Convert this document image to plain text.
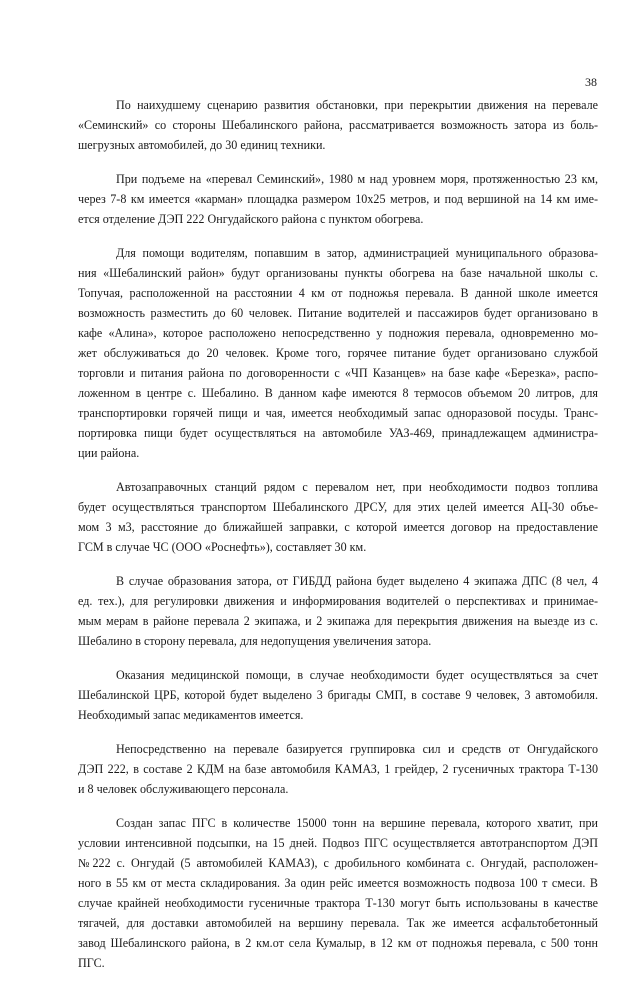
38
По наихудшему сценарию развития обстановки, при перекрытии движения на перевале
«Семинский» со стороны Шебалинского района, рассматривается возможность затора из боль-
шегрузных автомобилей, до 30 единиц техники.
При подъеме на «перевал Семинский», 1980 м над уровнем моря, протяженностью 23 км,
через 7-8 км имеется «карман» площадка размером 10х25 метров, и под вершиной на 14 км име-
ется отделение ДЭП 222 Онгудайского района с пунктом обогрева.
Для помощи водителям, попавшим в затор, администрацией муниципального образова-
ния «Шебалинский район» будут организованы пункты обогрева на базе начальной школы с.
Топучая, расположенной на расстоянии 4 км от подножья перевала. В данной школе имеется
возможность разместить до 60 человек. Питание водителей и пассажиров будет организовано в
кафе «Алина», которое расположено непосредственно у подножия перевала, одновременно мо-
жет обслуживаться до 20 человек. Кроме того, горячее питание будет организовано службой
торговли и питания района по договоренности с «ЧП Казанцев» на базе кафе «Березка», распо-
ложенном в центре с. Шебалино. В данном кафе имеются 8 термосов объемом 20 литров, для
транспортировки горячей пищи и чая, имеется необходимый запас одноразовой посуды. Транс-
портировка пищи будет осуществляться на автомобиле УАЗ-469, принадлежащем администра-
ции района.
Автозаправочных станций рядом с перевалом нет, при необходимости подвоз топлива
будет осуществляться транспортом Шебалинского ДРСУ, для этих целей имеется АЦ-30 объе-
мом 3 м3, расстояние до ближайшей заправки, с которой имеется договор на предоставление
ГСМ в случае ЧС (ООО «Роснефть»), составляет 30 км.
В случае образования затора, от ГИБДД района будет выделено 4 экипажа ДПС (8 чел, 4
ед. тех.), для регулировки движения и информирования водителей о перспективах и принимае-
мым мерам в районе перевала 2 экипажа, и 2 экипажа для перекрытия движения на выезде из с.
Шебалино в сторону перевала, для недопущения увеличения затора.
Оказания медицинской помощи, в случае необходимости будет осуществляться за счет
Шебалинской ЦРБ, которой будет выделено 3 бригады СМП, в составе 9 человек, 3 автомобиля.
Необходимый запас медикаментов имеется.
Непосредственно на перевале базируется группировка сил и средств от Онгудайского
ДЭП 222, в составе 2 КДМ на базе автомобиля КАМАЗ, 1 грейдер, 2 гусеничных трактора Т-130
и 8 человек обслуживающего персонала.
Создан запас ПГС в количестве 15000 тонн на вершине перевала, которого хватит, при
условии интенсивной подсыпки, на 15 дней. Подвоз ПГС осуществляется автотранспортом ДЭП
№222 с. Онгудай (5 автомобилей КАМАЗ), с дробильного комбината с. Онгудай, расположен-
ного в 55 км от места складирования. За один рейс имеется возможность подвоза 100 т смеси. В
случае крайней необходимости гусеничные трактора Т-130 могут быть использованы в качестве
тягачей, для доставки автомобилей на вершину перевала. Так же имеется асфальтобетонный
завод Шебалинского района, в 2 км.от села Кумалыр, в 12 км от подножья перевала, с 500 тонн
ПГС.
